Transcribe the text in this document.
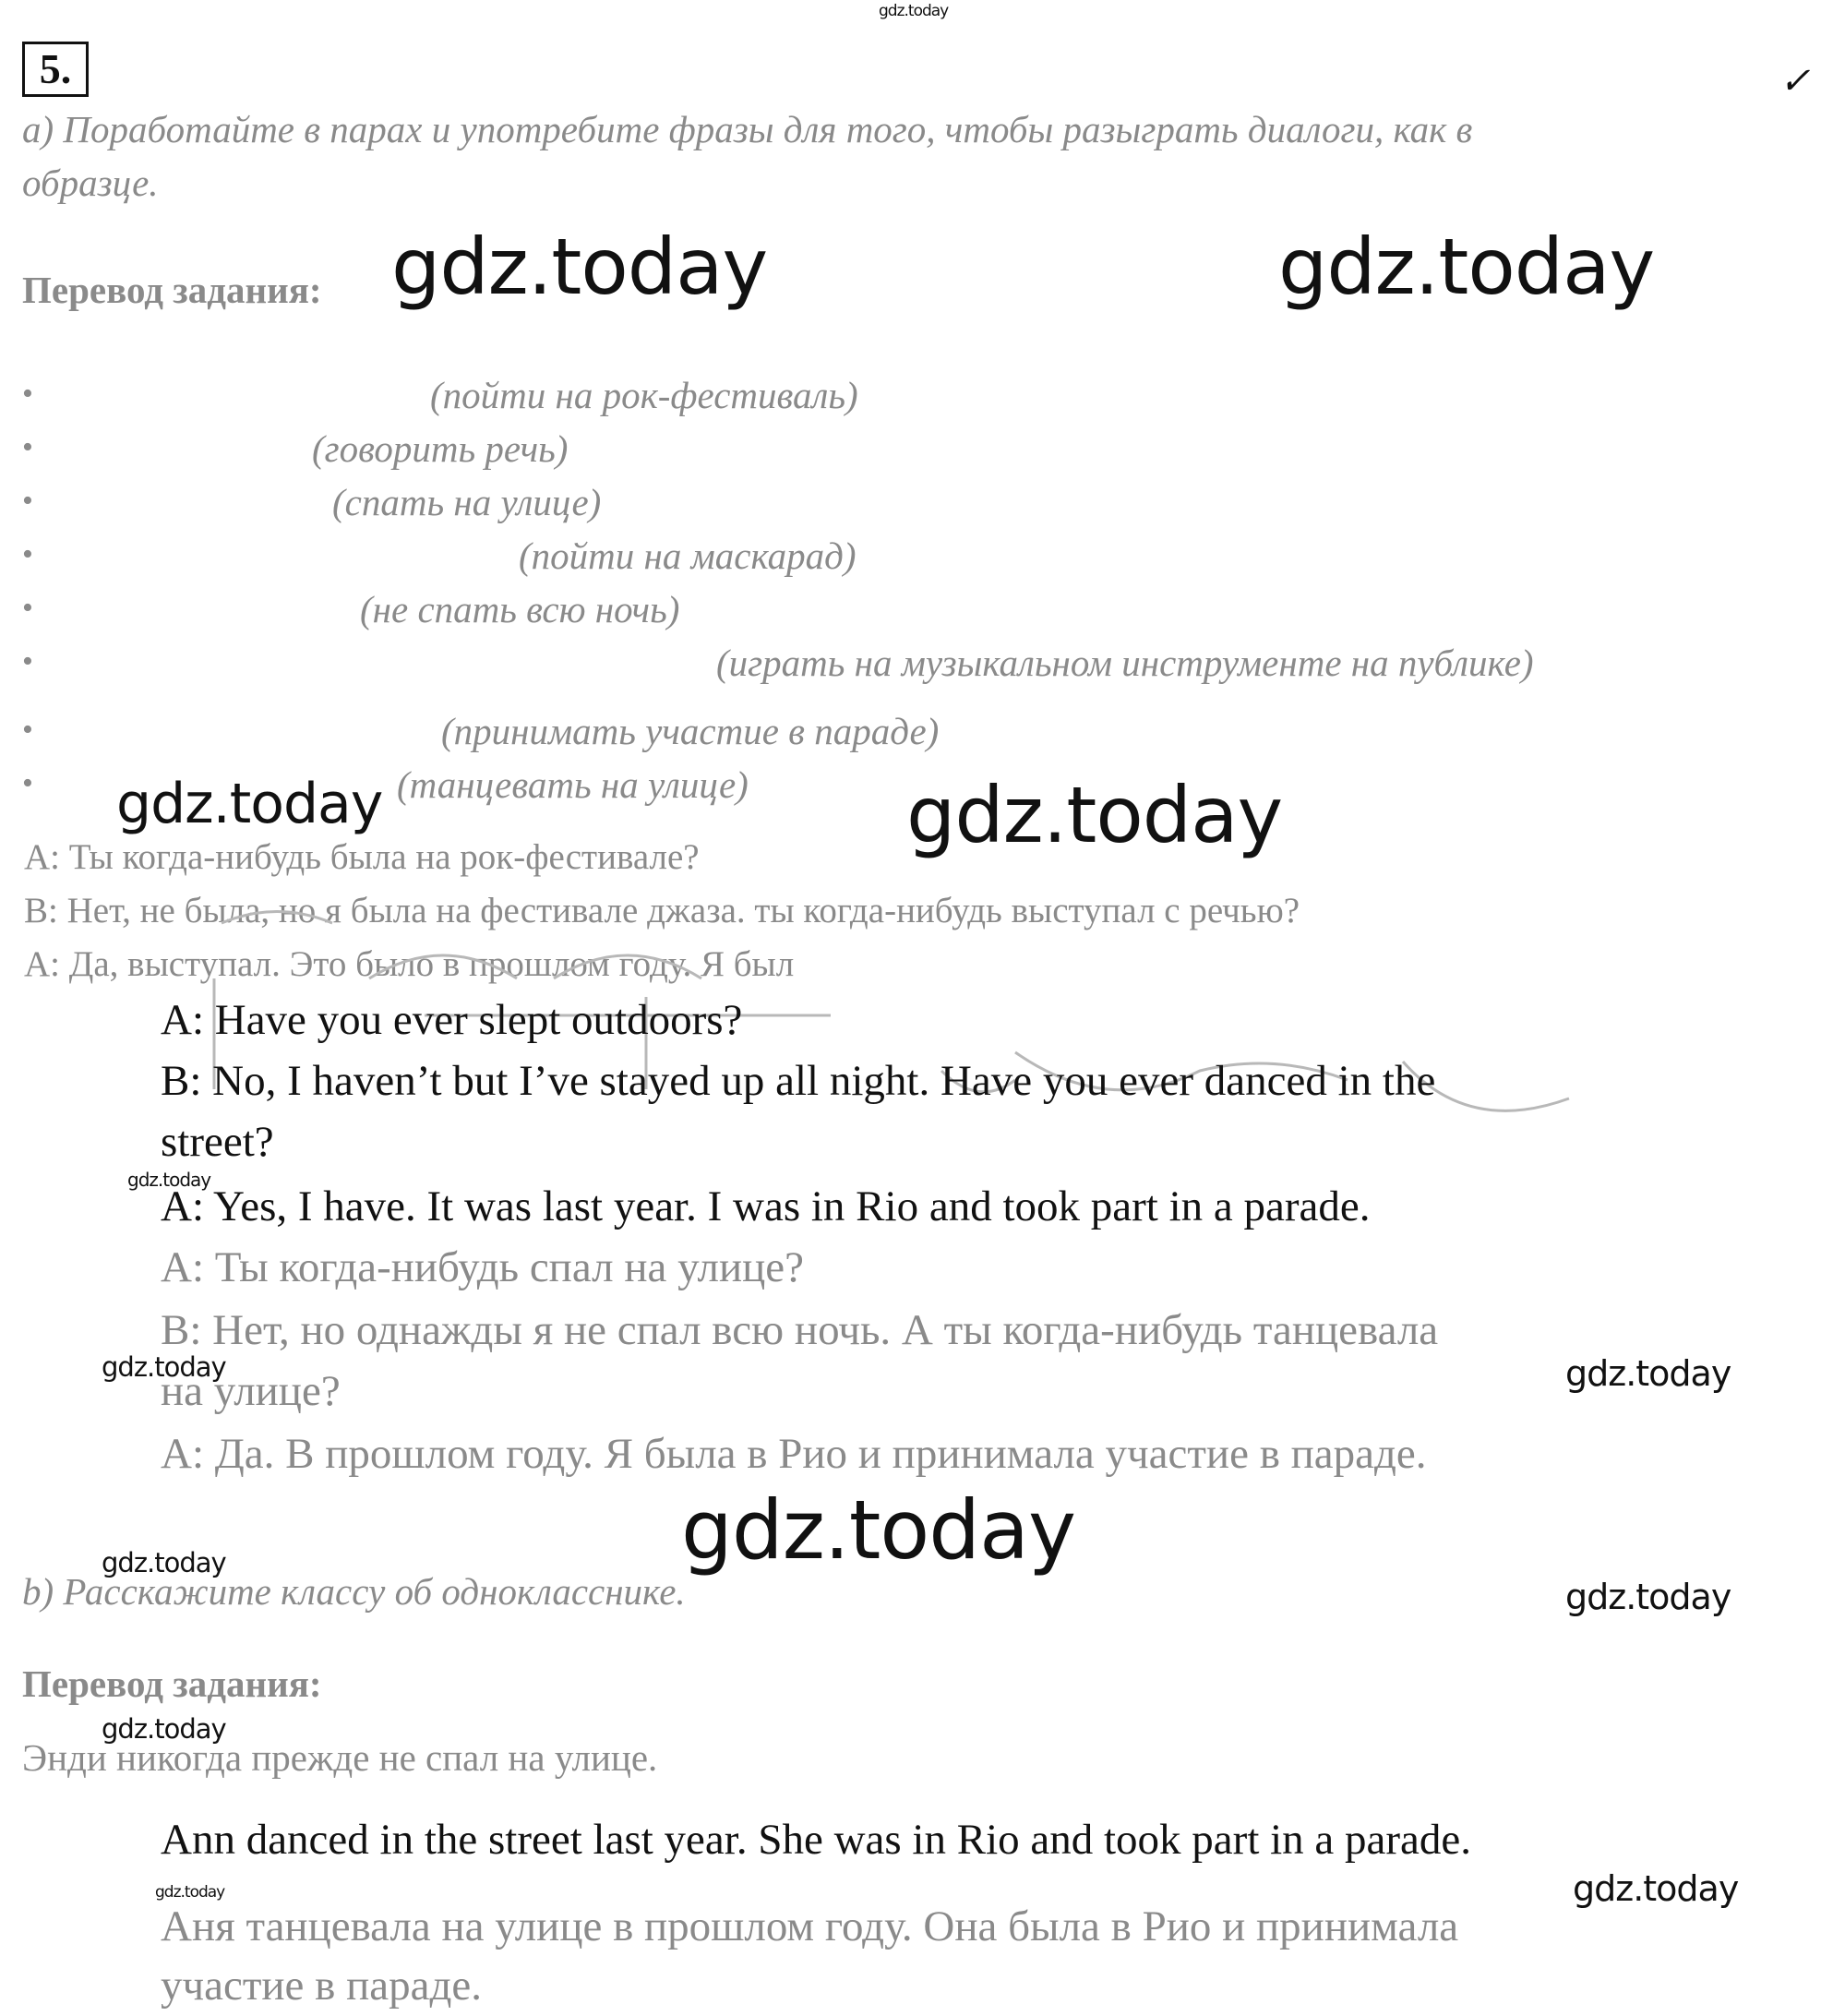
gdz.today
5.	✓
a) Поработайте в парах и употребите фразы для того, чтобы разыграть диалоги, как в
образце.
Перевод задания: gdz.today	gdz.today
•	(пойти на рок-фестиваль)
•	(говорить речь)
•	(спать на улице)
•	(пойти на маскарад)
•	(не спать всю ночь)
•	(играть на музыкальном инструменте на публике)
•	(принимать участие в параде)
•	(танцевать на улице)
gdz.today	gdz.today
А: Ты когда-нибудь была на рок-фестивале?
В: Нет, не была, но я была на фестивале джаза. ты когда-нибудь выступал с речью?
А: Да, выступал. Это было в прошлом году. Я был
A: Have you ever slept outdoors?
B: No, I haven’t but I’ve stayed up all night. Have you ever danced in the
street?
gdz.today
A: Yes, I have. It was last year. I was in Rio and took part in a parade.
А: Ты когда-нибудь спал на улице?
В: Нет, но однажды я не спал всю ночь. А ты когда-нибудь танцевала
gdz.today
на улице?	gdz.today
А: Да. В прошлом году. Я была в Рио и принимала участие в параде.
gdz.today
gdz.today
b) Расскажите классу об однокласснике.	gdz.today
Перевод задания:
gdz.today
Энди никогда прежде не спал на улице.
Ann danced in the street last year. She was in Rio and took part in a parade.
gdz.today	gdz.today
Аня танцевала на улице в прошлом году. Она была в Рио и принимала
участие в параде.
